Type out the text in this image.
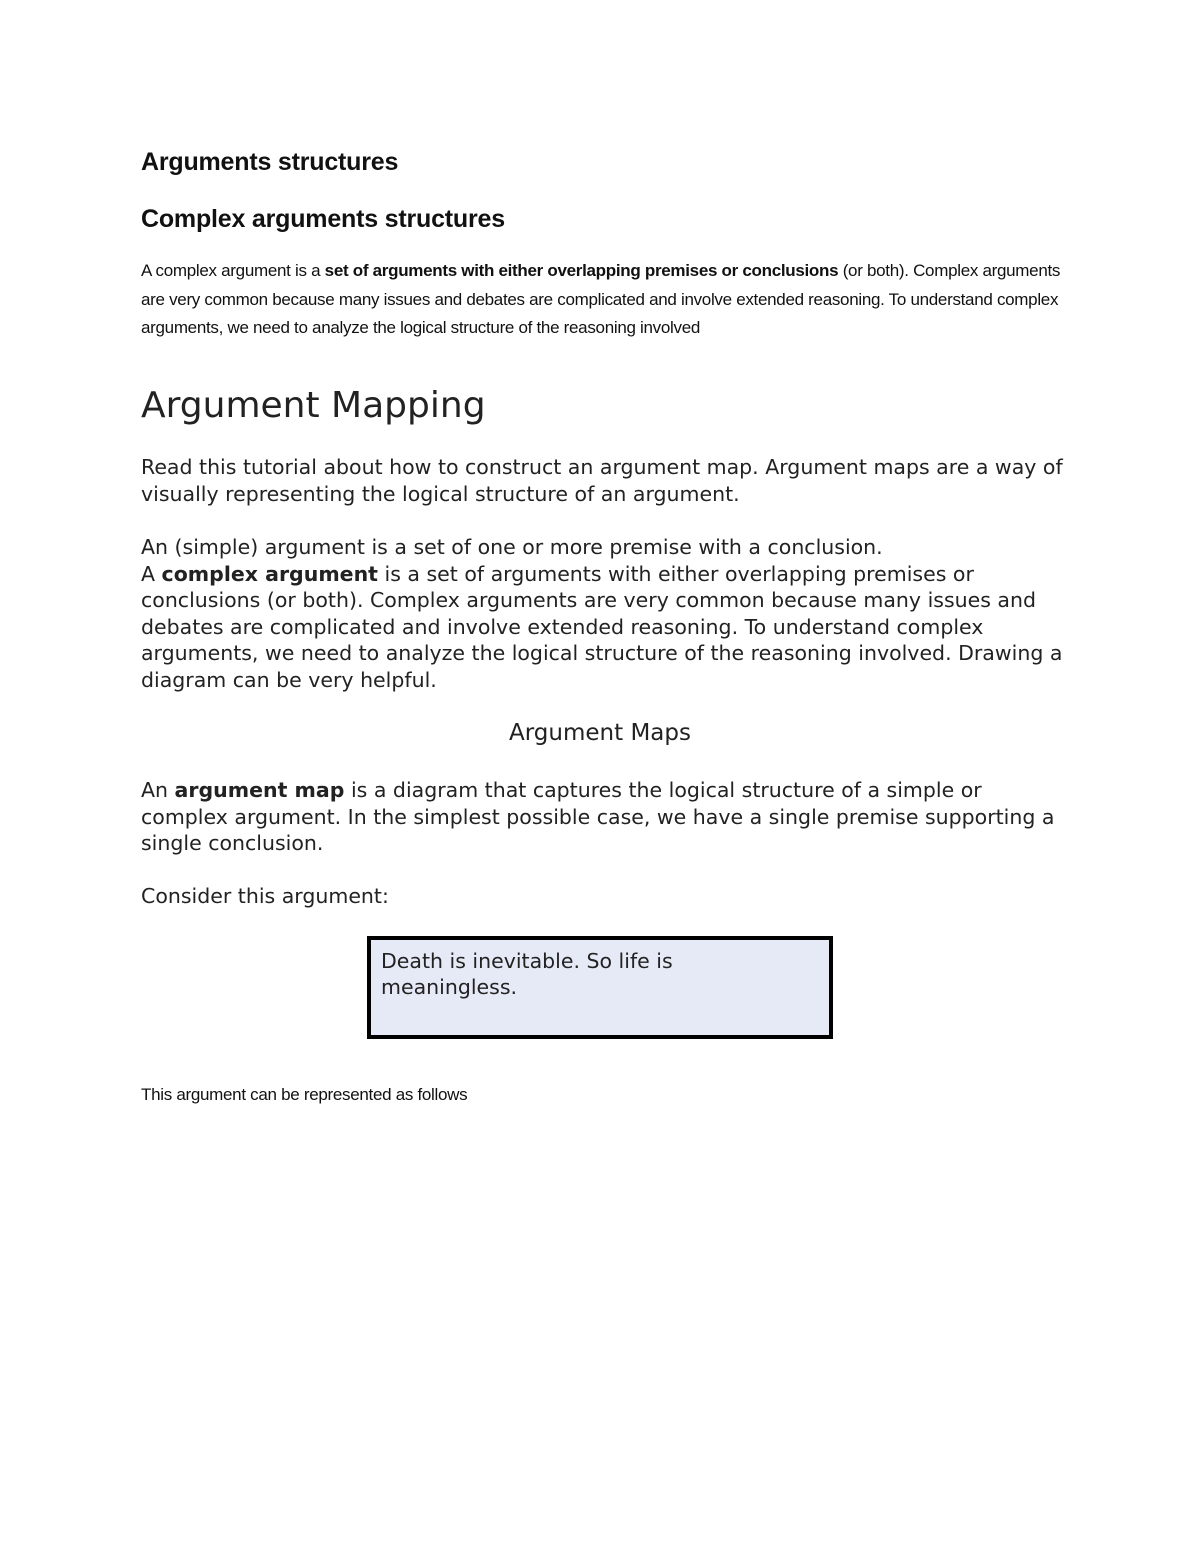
Arguments structures
Complex arguments structures

A complex argument is a set of arguments with either overlapping premises or conclusions (or both). Complex arguments are very common because many issues and debates are complicated and involve extended reasoning. To understand complex arguments, we need to analyze the logical structure of the reasoning involved

Argument Mapping

Read this tutorial about how to construct an argument map. Argument maps are a way of visually representing the logical structure of an argument.

An (simple) argument is a set of one or more premise with a conclusion.
A complex argument is a set of arguments with either overlapping premises or conclusions (or both). Complex arguments are very common because many issues and debates are complicated and involve extended reasoning. To understand complex arguments, we need to analyze the logical structure of the reasoning involved. Drawing a diagram can be very helpful.

Argument Maps

An argument map is a diagram that captures the logical structure of a simple or complex argument. In the simplest possible case, we have a single premise supporting a single conclusion.

Consider this argument:

Death is inevitable. So life is meaningless.

This argument can be represented as follows
